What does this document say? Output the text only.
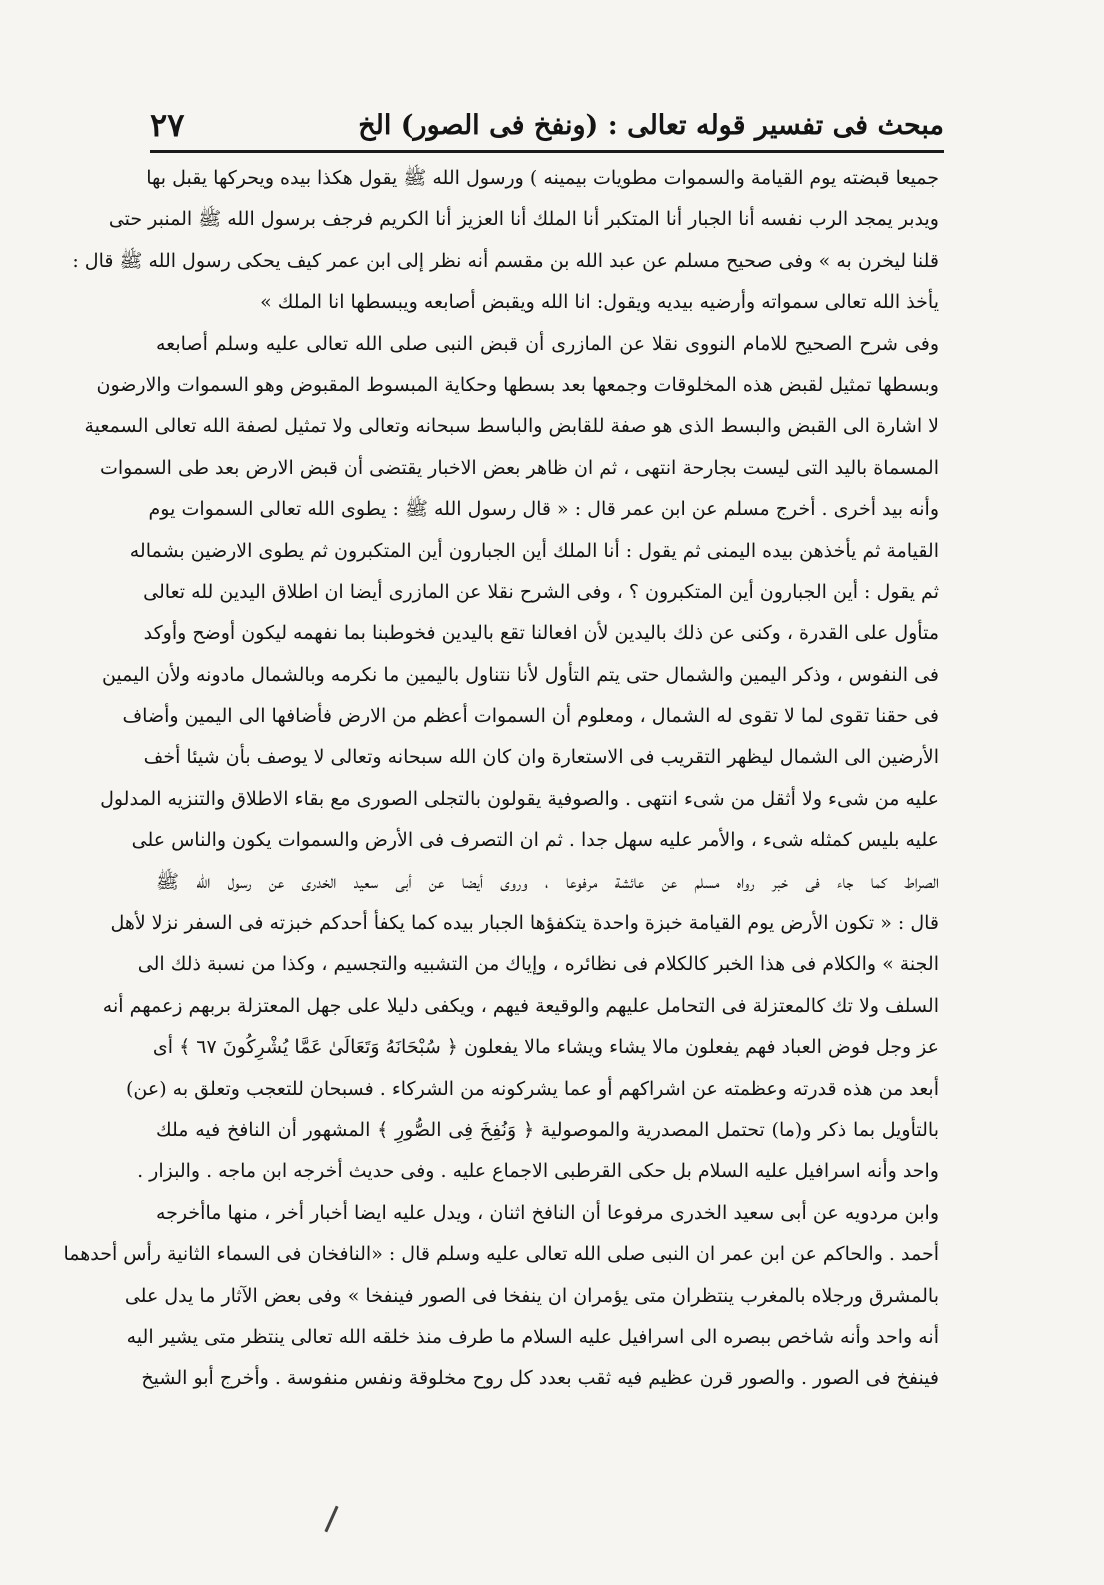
مبحث فى تفسير قوله تعالى : (ونفخ فى الصور) الخ
٢٧
جميعا قبضته يوم القيامة والسموات مطويات بيمينه ) ورسول الله ﷺ يقول هكذا بيده ويحركها يقبل بها
ويدبر يمجد الرب نفسه أنا الجبار أنا المتكبر أنا الملك أنا العزيز أنا الكريم فرجف برسول الله ﷺ المنبر حتى
قلنا ليخرن به » وفى صحيح مسلم عن عبد الله بن مقسم أنه نظر إلى ابن عمر كيف يحكى رسول الله ﷺ قال :
يأخذ الله تعالى سمواته وأرضيه بيديه ويقول: انا الله ويقبض أصابعه ويبسطها انا الملك »
وفى شرح الصحيح للامام النووى نقلا عن المازرى أن قبض النبى صلى الله تعالى عليه وسلم أصابعه
وبسطها تمثيل لقبض هذه المخلوقات وجمعها بعد بسطها وحكاية المبسوط المقبوض وهو السموات والارضون
لا اشارة الى القبض والبسط الذى هو صفة للقابض والباسط سبحانه وتعالى ولا تمثيل لصفة الله تعالى السمعية
المسماة باليد التى ليست بجارحة انتهى ، ثم ان ظاهر بعض الاخبار يقتضى أن قبض الارض بعد طى السموات
وأنه بيد أخرى . أخرج مسلم عن ابن عمر قال : « قال رسول الله ﷺ : يطوى الله تعالى السموات يوم
القيامة ثم يأخذهن بيده اليمنى ثم يقول : أنا الملك أين الجبارون أين المتكبرون ثم يطوى الارضين بشماله
ثم يقول : أين الجبارون أين المتكبرون ؟ ، وفى الشرح نقلا عن المازرى أيضا ان اطلاق اليدين لله تعالى
متأول على القدرة ، وكنى عن ذلك باليدين لأن افعالنا تقع باليدين فخوطبنا بما نفهمه ليكون أوضح وأوكد
فى النفوس ، وذكر اليمين والشمال حتى يتم التأول لأنا نتناول باليمين ما نكرمه وبالشمال مادونه ولأن اليمين
فى حقنا تقوى لما لا تقوى له الشمال ، ومعلوم أن السموات أعظم من الارض فأضافها الى اليمين وأضاف
الأرضين الى الشمال ليظهر التقريب فى الاستعارة وان كان الله سبحانه وتعالى لا يوصف بأن شيئا أخف
عليه من شىء ولا أثقل من شىء انتهى . والصوفية يقولون بالتجلى الصورى مع بقاء الاطلاق والتنزيه المدلول
عليه بليس كمثله شىء ، والأمر عليه سهل جدا . ثم ان التصرف فى الأرض والسموات يكون والناس على
الصراط كما جاء فى خبر رواه مسلم عن عائشة مرفوعا ، وروى أيضا عن أبى سعيد الخدرى عن رسول الله ﷺ
قال : « تكون الأرض يوم القيامة خبزة واحدة يتكفؤها الجبار بيده كما يكفأ أحدكم خبزته فى السفر نزلا لأهل
الجنة » والكلام فى هذا الخبر كالكلام فى نظائره ، وإياك من التشبيه والتجسيم ، وكذا من نسبة ذلك الى
السلف ولا تك كالمعتزلة فى التحامل عليهم والوقيعة فيهم ، ويكفى دليلا على جهل المعتزلة بربهم زعمهم أنه
عز وجل فوض العباد فهم يفعلون مالا يشاء ويشاء مالا يفعلون ﴿ سُبْحَانَهُ وَتَعَالَىٰ عَمَّا يُشْرِكُونَ ٦٧ ﴾ أى
أبعد من هذه قدرته وعظمته عن اشراكهم أو عما يشركونه من الشركاء . فسبحان للتعجب وتعلق به (عن)
بالتأويل بما ذكر و(ما) تحتمل المصدرية والموصولية ﴿ وَنُفِخَ فِى الصُّورِ ﴾ المشهور أن النافخ فيه ملك
واحد وأنه اسرافيل عليه السلام بل حكى القرطبى الاجماع عليه . وفى حديث أخرجه ابن ماجه . والبزار .
وابن مردويه عن أبى سعيد الخدرى مرفوعا أن النافخ اثنان ، ويدل عليه ايضا أخبار أخر ، منها ماأخرجه
أحمد . والحاكم عن ابن عمر ان النبى صلى الله تعالى عليه وسلم قال : «النافخان فى السماء الثانية رأس أحدهما
بالمشرق ورجلاه بالمغرب ينتظران متى يؤمران ان ينفخا فى الصور فينفخا » وفى بعض الآثار ما يدل على
أنه واحد وأنه شاخص ببصره الى اسرافيل عليه السلام ما طرف منذ خلقه الله تعالى ينتظر متى يشير اليه
فينفخ فى الصور . والصور قرن عظيم فيه ثقب بعدد كل روح مخلوقة ونفس منفوسة . وأخرج أبو الشيخ
